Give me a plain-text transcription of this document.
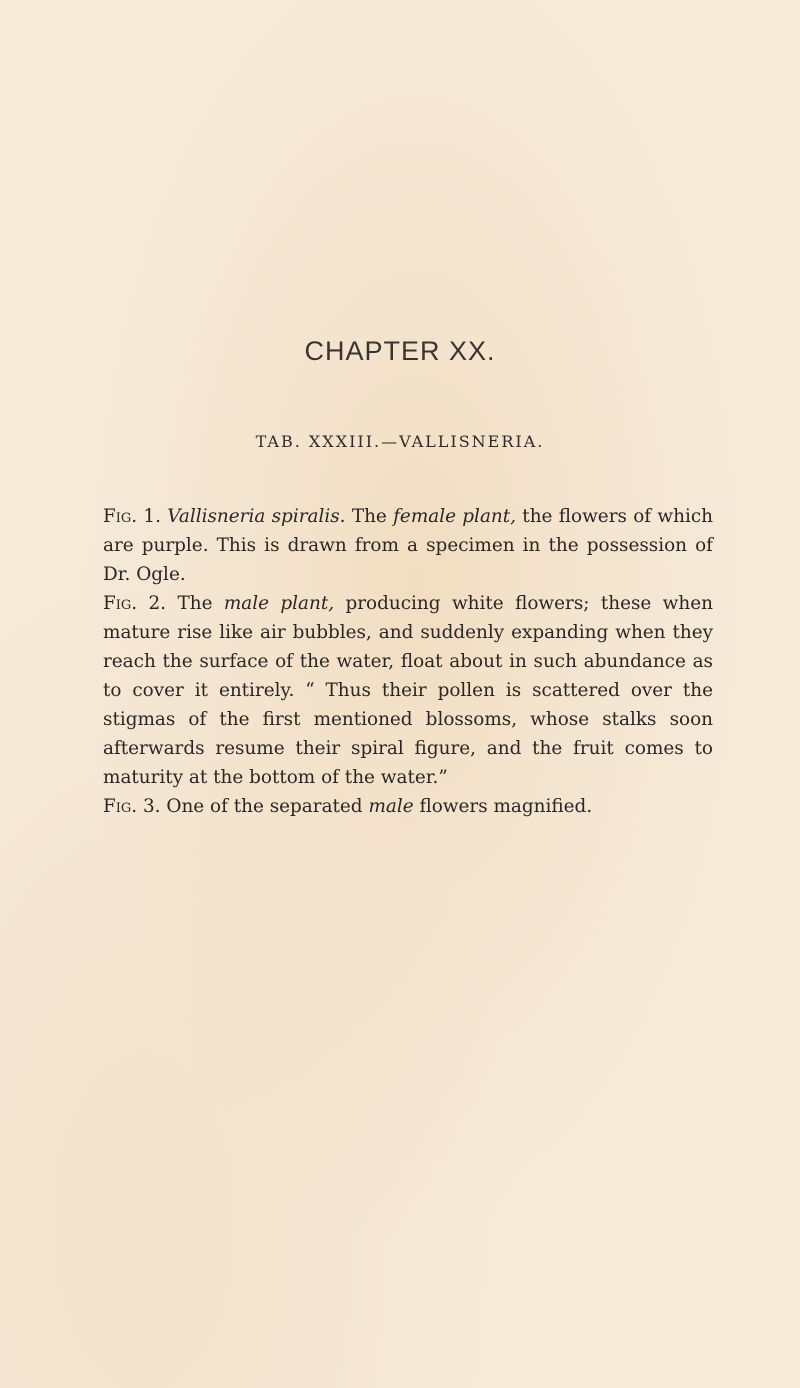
CHAPTER XX.
TAB. XXXIII.—VALLISNERIA.

Fig. 1. Vallisneria spiralis. The female plant, the flowers of which are purple. This is drawn from a specimen in the possession of Dr. Ogle.

Fig. 2. The male plant, producing white flowers; these when mature rise like air bubbles, and suddenly expanding when they reach the surface of the water, float about in such abundance as to cover it entirely. “ Thus their pollen is scattered over the stigmas of the first mentioned blossoms, whose stalks soon afterwards resume their spiral figure, and the fruit comes to maturity at the bottom of the water.”

Fig. 3. One of the separated male flowers magnified.
